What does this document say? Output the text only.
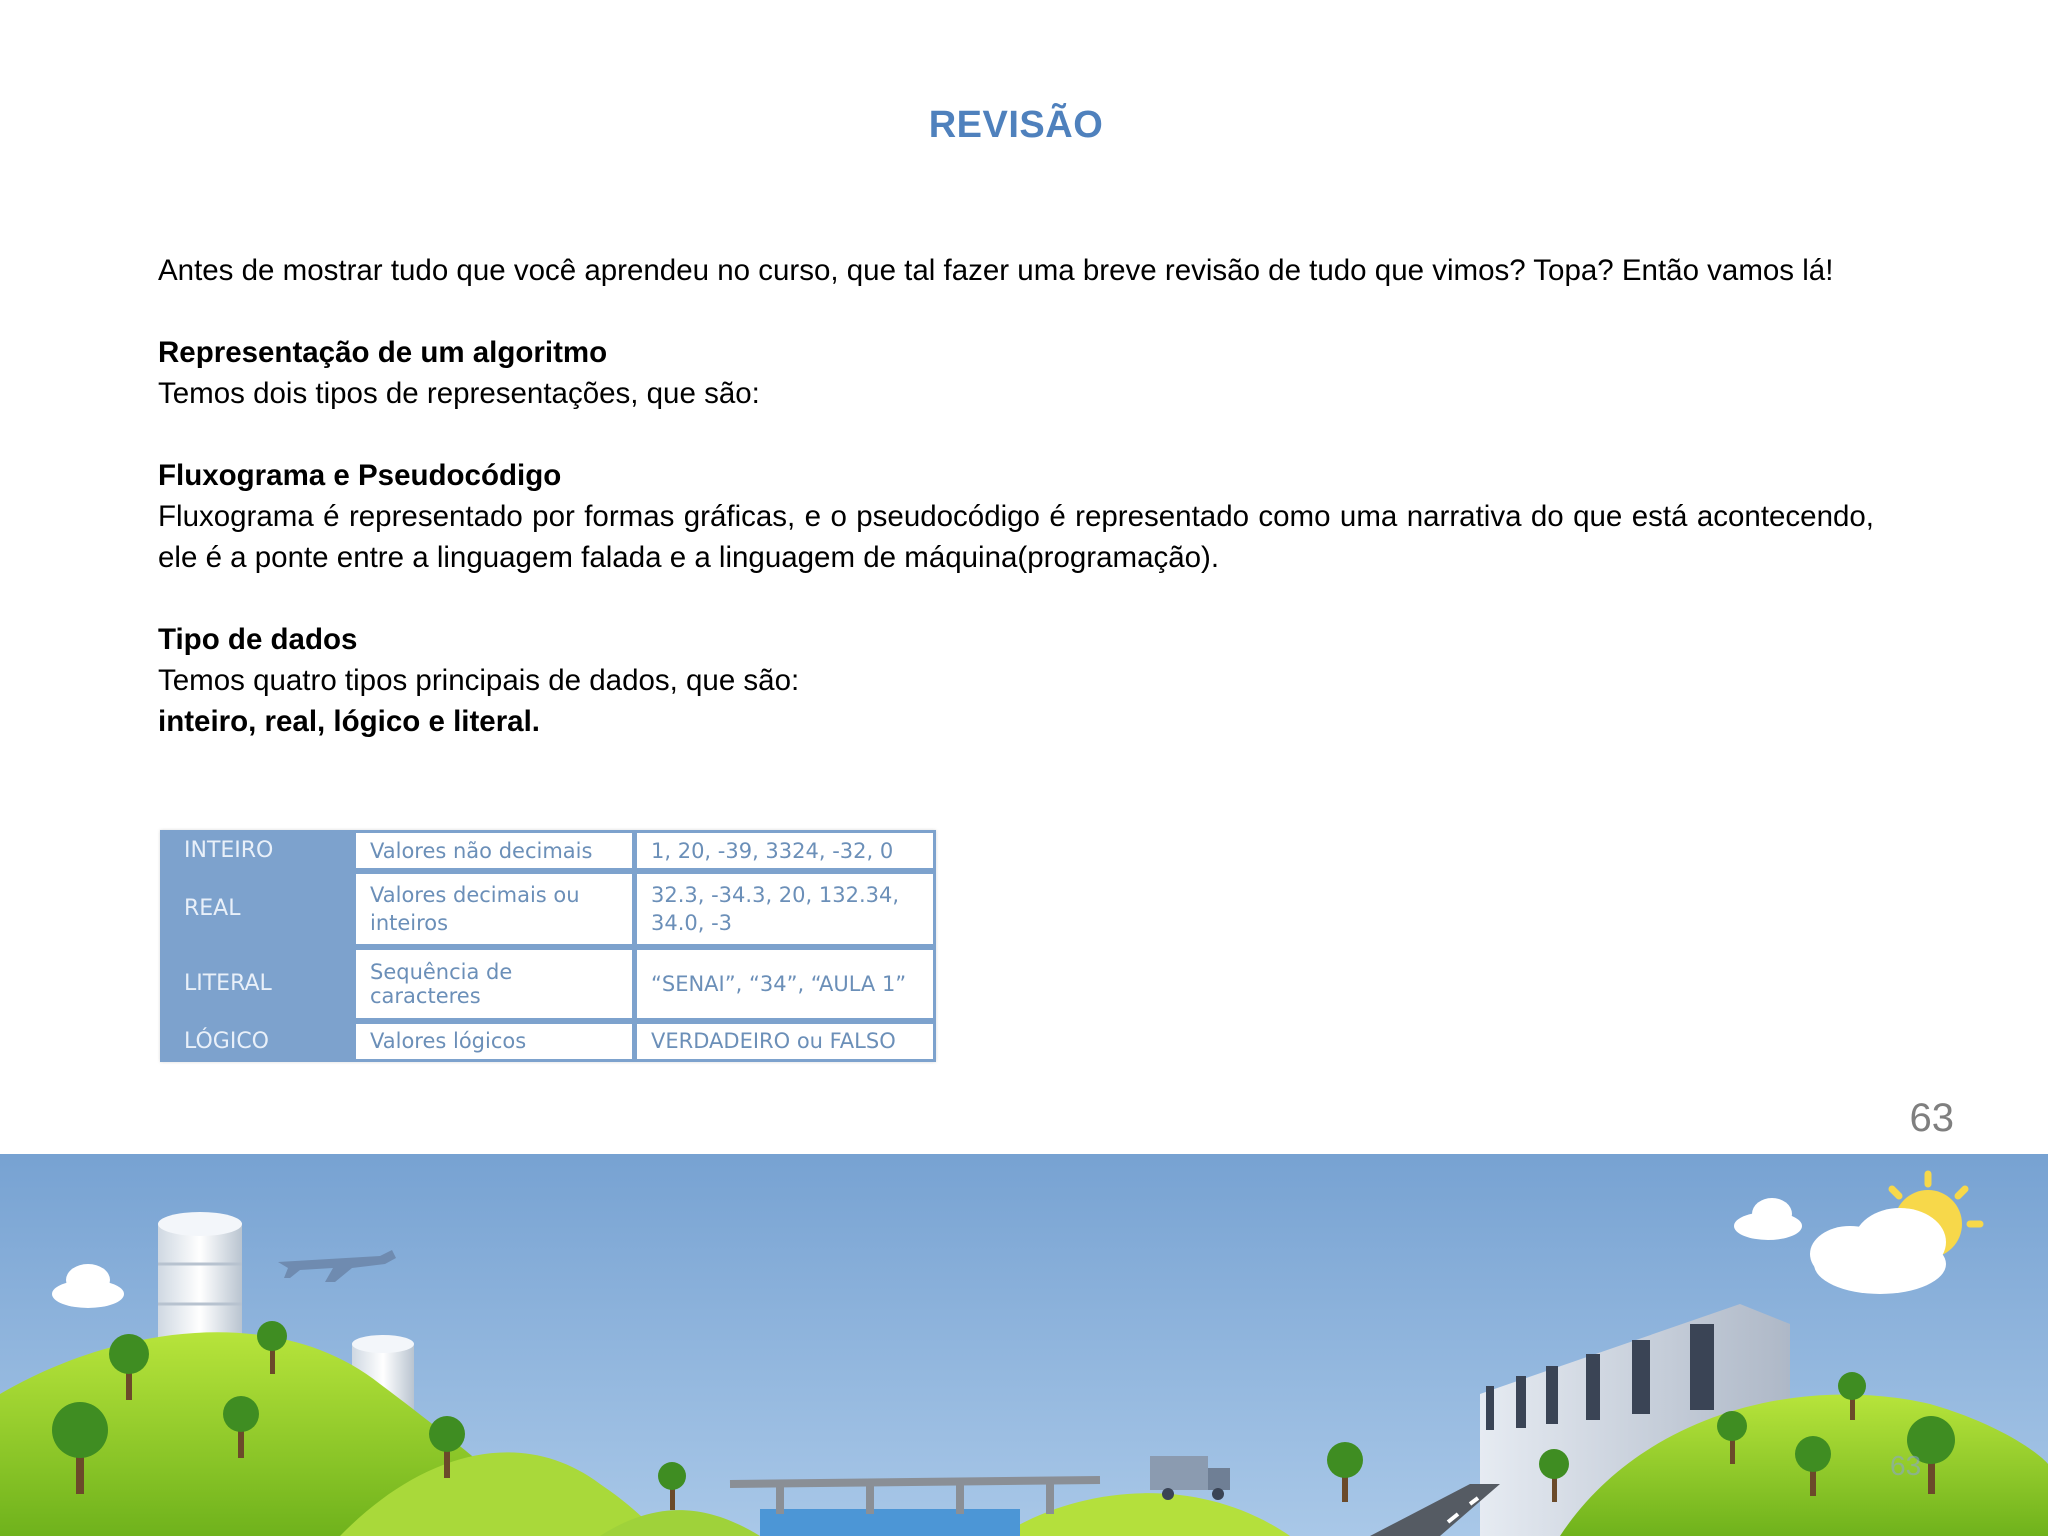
REVISÃO

Antes de mostrar tudo que você aprendeu no curso, que tal fazer uma breve revisão de tudo que vimos? Topa? Então vamos lá!

Representação de um algoritmo

Temos dois tipos de representações, que são:

Fluxograma e Pseudocódigo

Fluxograma é representado por formas gráficas, e o pseudocódigo é representado como uma narrativa do que está acontecendo, ele é a ponte entre a linguagem falada e a linguagem de máquina(programação).

Tipo de dados

Temos quatro tipos principais de dados, que são:

inteiro, real, lógico e literal.

INTEIRO	Valores não decimais	1, 20, -39, 3324, -32, 0
REAL	Valores decimais ou inteiros	32.3, -34.3, 20, 132.34, 34.0, -3
LITERAL	Sequência de caracteres	“SENAI”, “34”, “AULA 1”
LÓGICO	Valores lógicos	VERDADEIRO ou FALSO
63
63
